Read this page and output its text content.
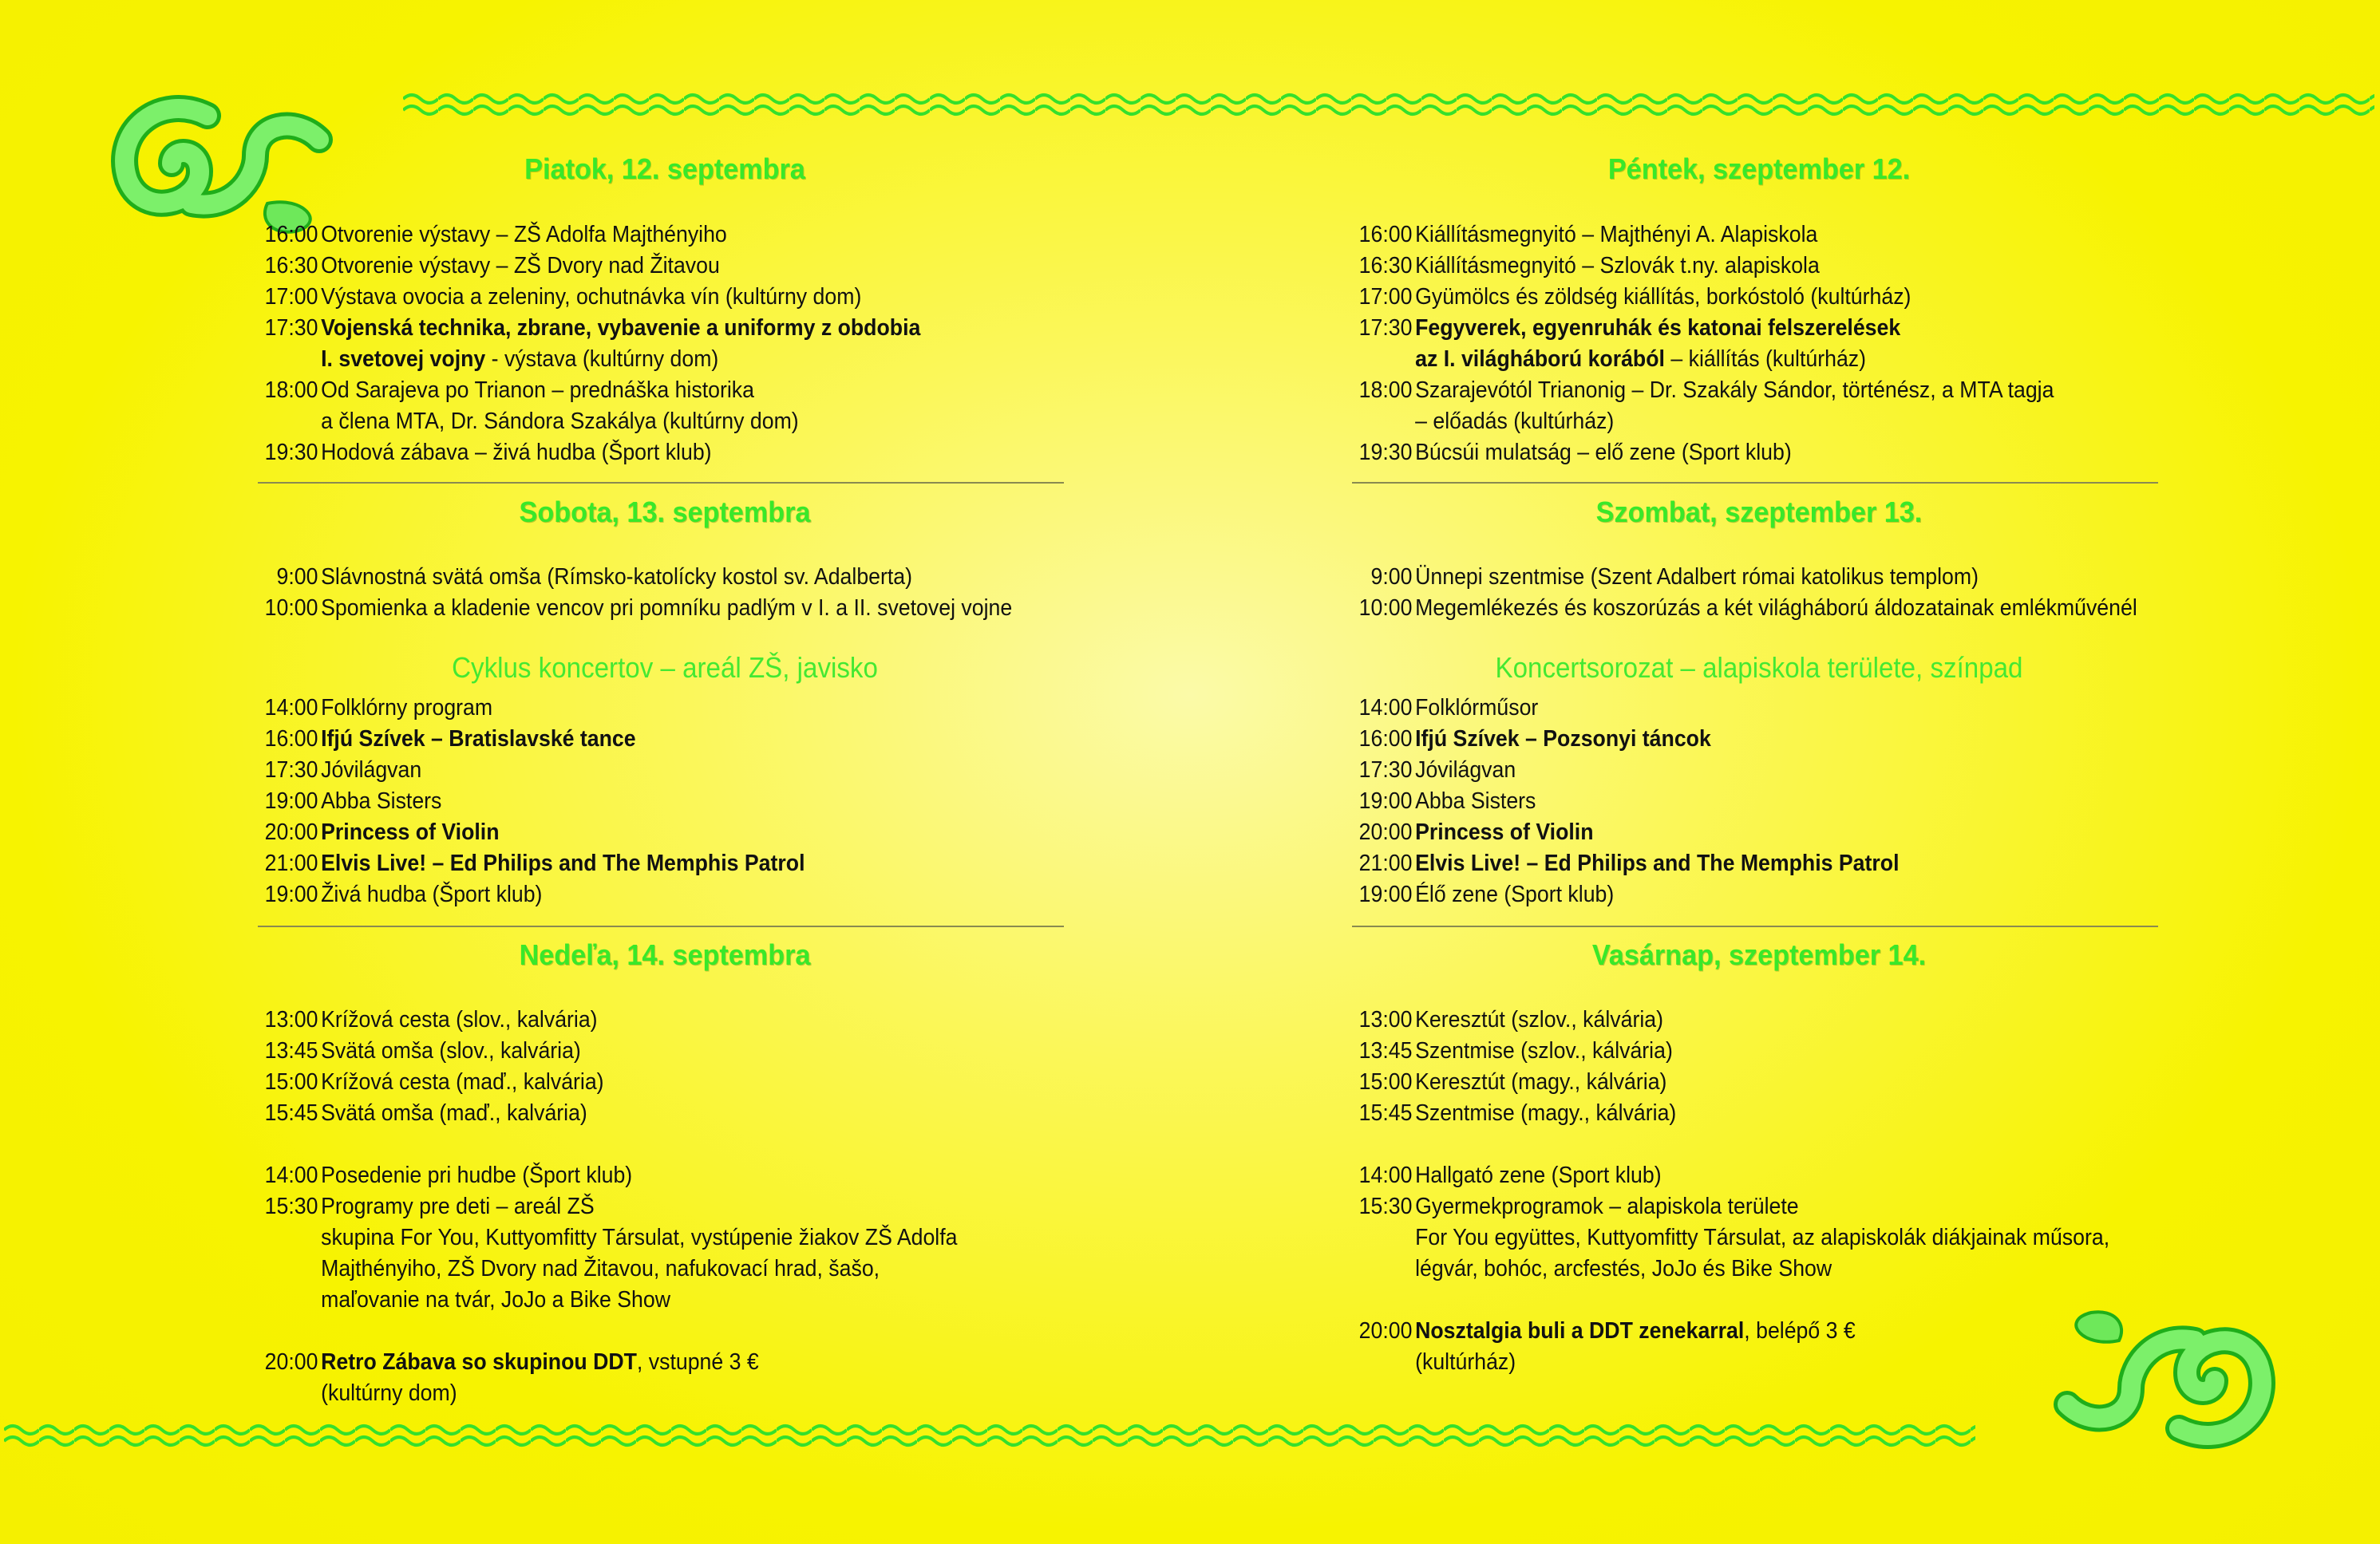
Piatok, 12. septembra
16:00 Otvorenie výstavy – ZŠ Adolfa Majthényiho
16:30 Otvorenie výstavy – ZŠ Dvory nad Žitavou
17:00 Výstava ovocia a zeleniny, ochutnávka vín (kultúrny dom)
17:30 Vojenská technika, zbrane, vybavenie a uniformy z obdobia
I. svetovej vojny - výstava (kultúrny dom)
18:00 Od Sarajeva po Trianon – prednáška historika
a člena MTA, Dr. Sándora Szakálya (kultúrny dom)
19:30 Hodová zábava – živá hudba (Šport klub)
Sobota, 13. septembra
9:00 Slávnostná svätá omša (Rímsko-katolícky kostol sv. Adalberta)
10:00 Spomienka a kladenie vencov pri pomníku padlým v I. a II. svetovej vojne
Cyklus koncertov – areál ZŠ, javisko
14:00 Folklórny program
16:00 Ifjú Szívek – Bratislavské tance
17:30 Jóvilágvan
19:00 Abba Sisters
20:00 Princess of Violin
21:00 Elvis Live! – Ed Philips and The Memphis Patrol
19:00 Živá hudba (Šport klub)
Nedeľa, 14. septembra
13:00 Krížová cesta (slov., kalvária)
13:45 Svätá omša (slov., kalvária)
15:00 Krížová cesta (maď., kalvária)
15:45 Svätá omša (maď., kalvária)
14:00 Posedenie pri hudbe (Šport klub)
15:30 Programy pre deti – areál ZŠ
skupina For You, Kuttyomfitty Társulat, vystúpenie žiakov ZŠ Adolfa
Majthényiho, ZŠ Dvory nad Žitavou, nafukovací hrad, šašo,
maľovanie na tvár, JoJo a Bike Show
20:00 Retro Zábava so skupinou DDT, vstupné 3 €
(kultúrny dom)
Péntek, szeptember 12.
16:00 Kiállításmegnyitó – Majthényi A. Alapiskola
16:30 Kiállításmegnyitó – Szlovák t.ny. alapiskola
17:00 Gyümölcs és zöldség kiállítás, borkóstoló (kultúrház)
17:30 Fegyverek, egyenruhák és katonai felszerelések
az I. világháború korából – kiállítás (kultúrház)
18:00 Szarajevótól Trianonig – Dr. Szakály Sándor, történész, a MTA tagja
– előadás (kultúrház)
19:30 Búcsúi mulatság – elő zene (Sport klub)
Szombat, szeptember 13.
9:00 Ünnepi szentmise (Szent Adalbert római katolikus templom)
10:00 Megemlékezés és koszorúzás a két világháború áldozatainak emlékművénél
Koncertsorozat – alapiskola területe, színpad
14:00 Folklórműsor
16:00 Ifjú Szívek – Pozsonyi táncok
17:30 Jóvilágvan
19:00 Abba Sisters
20:00 Princess of Violin
21:00 Elvis Live! – Ed Philips and The Memphis Patrol
19:00 Élő zene (Sport klub)
Vasárnap, szeptember 14.
13:00 Keresztút (szlov., kálvária)
13:45 Szentmise (szlov., kálvária)
15:00 Keresztút (magy., kálvária)
15:45 Szentmise (magy., kálvária)
14:00 Hallgató zene (Sport klub)
15:30 Gyermekprogramok – alapiskola területe
For You együttes, Kuttyomfitty Társulat, az alapiskolák diákjainak műsora,
légvár, bohóc, arcfestés, JoJo és Bike Show
20:00 Nosztalgia buli a DDT zenekarral, belépő 3 €
(kultúrház)
